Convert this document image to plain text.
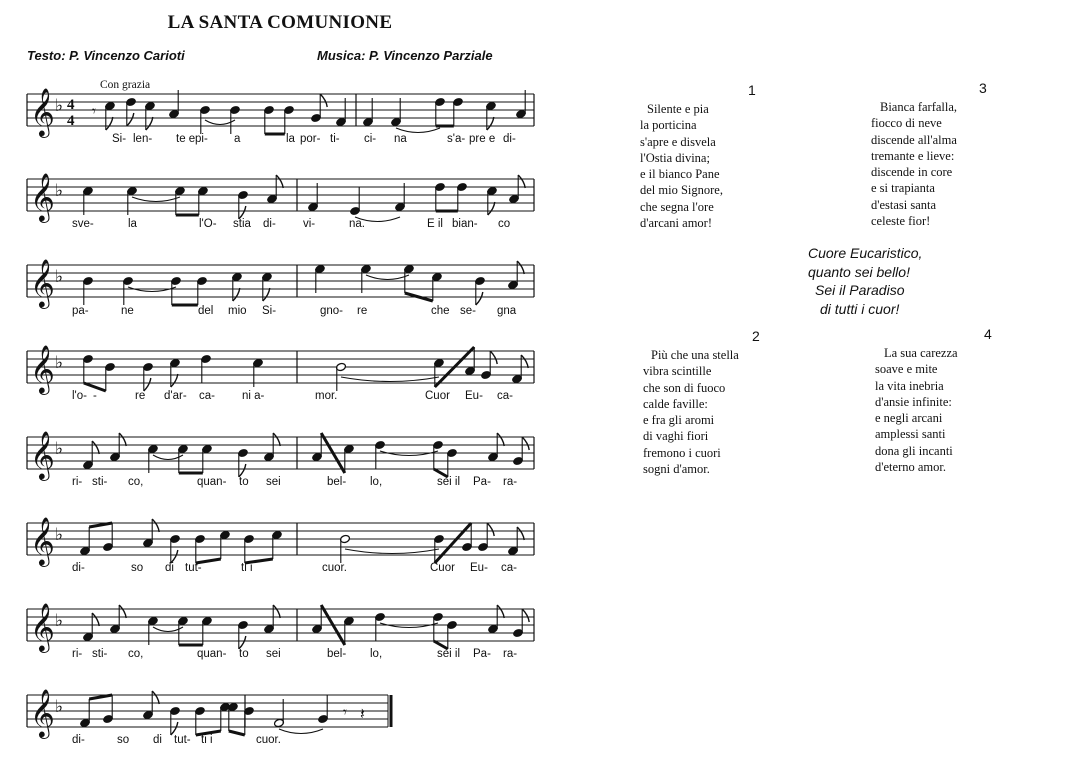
LA SANTA COMUNIONE
Testo: P. Vincenzo Carioti	Musica: P. Vincenzo Parziale
Con grazia
𝄞 ♭ 4
4
𝄾
𝄞 ♭
𝄞 ♭
𝄞 ♭
𝄞 ♭
𝄞 ♭
𝄞 ♭
𝄞 ♭	𝄾 𝄽
Si- len- te e pi- a	la por- ti- ci- na	s'a- pre e di-
sve-	la	l'O- stia di- vi-	na.	E il bian- co
pa-	ne	del mio Si-	gno- re	che se- gna
l'o- -	re d'ar- ca- ni a-	mor.	Cuor Eu- ca-
ri- sti- co,	quan- to sei	bel- lo,	sei il Pa- ra-
di-	so di tut-	ti i	cuor.	Cuor Eu- ca-
ri- sti- co,	quan- to sei	bel- lo,	sei il Pa- ra-
di-	so di tut- ti i	cuor.
1
Silente e pia
la porticina
s'apre e disvela
l'Ostia divina;
e il bianco Pane
del mio Signore,
che segna l'ore
d'arcani amor!
3
Bianca farfalla,
fiocco di neve
discende all'alma
tremante e lieve:
discende in core
e si trapianta
d'estasi santa
celeste fior!
Cuore Eucaristico,
quanto sei bello!
Sei il Paradiso
di tutti i cuor!
2
Più che una stella
vibra scintille
che son di fuoco
calde faville:
e fra gli aromi
di vaghi fiori
fremono i cuori
sogni d'amor.
4
La sua carezza
soave e mite
la vita inebria
d'ansie infinite:
e negli arcani
amplessi santi
dona gli incanti
d'eterno amor.
